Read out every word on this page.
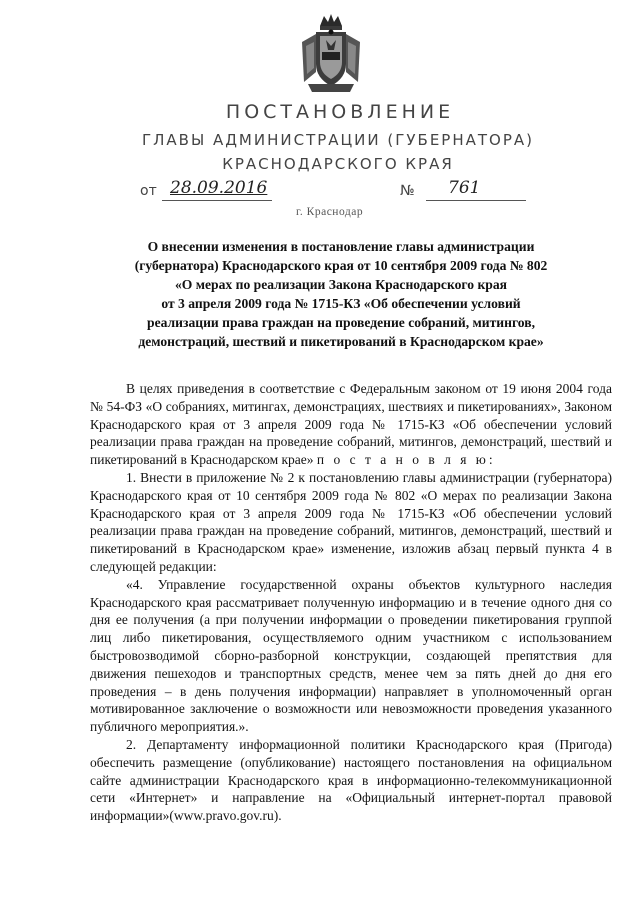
ПОСТАНОВЛЕНИЕ
ГЛАВЫ АДМИНИСТРАЦИИ (ГУБЕРНАТОРА)
КРАСНОДАРСКОГО КРАЯ
от 28.09.2016	№ 761
г. Краснодар
О внесении изменения в постановление главы администрации
(губернатора) Краснодарского края от 10 сентября 2009 года № 802
«О мерах по реализации Закона Краснодарского края
от 3 апреля 2009 года № 1715-КЗ «Об обеспечении условий
реализации права граждан на проведение собраний, митингов,
демонстраций, шествий и пикетирований в Краснодарском крае»

В целях приведения в соответствие с Федеральным законом от 19 июня 2004 года № 54-ФЗ «О собраниях, митингах, демонстрациях, шествиях и пикетированиях», Законом Краснодарского края от 3 апреля 2009 года № 1715-КЗ «Об обеспечении условий реализации права граждан на проведение собраний, митингов, демонстраций, шествий и пикетирований в Краснодарском крае» п о с т а н о в л я ю:

1. Внести в приложение № 2 к постановлению главы администрации (губернатора) Краснодарского края от 10 сентября 2009 года № 802 «О мерах по реализации Закона Краснодарского края от 3 апреля 2009 года № 1715-КЗ «Об обеспечении условий реализации права граждан на проведение собраний, митингов, демонстраций, шествий и пикетирований в Краснодарском крае» изменение, изложив абзац первый пункта 4 в следующей редакции:

«4. Управление государственной охраны объектов культурного наследия Краснодарского края рассматривает полученную информацию и в течение одного дня со дня ее получения (а при получении информации о проведении пикетирования группой лиц либо пикетирования, осуществляемого одним участником с использованием быстровозводимой сборно-разборной конструкции, создающей препятствия для движения пешеходов и транспортных средств, менее чем за пять дней до дня его проведения – в день получения информации) направляет в уполномоченный орган мотивированное заключение о возможности или невозможности проведения указанного публичного мероприятия.».

2. Департаменту информационной политики Краснодарского края (Пригода) обеспечить размещение (опубликование) настоящего постановления на официальном сайте администрации Краснодарского края в информационно-телекоммуникационной сети «Интернет» и направление на «Официальный интернет-портал правовой информации»(www.pravo.gov.ru).
